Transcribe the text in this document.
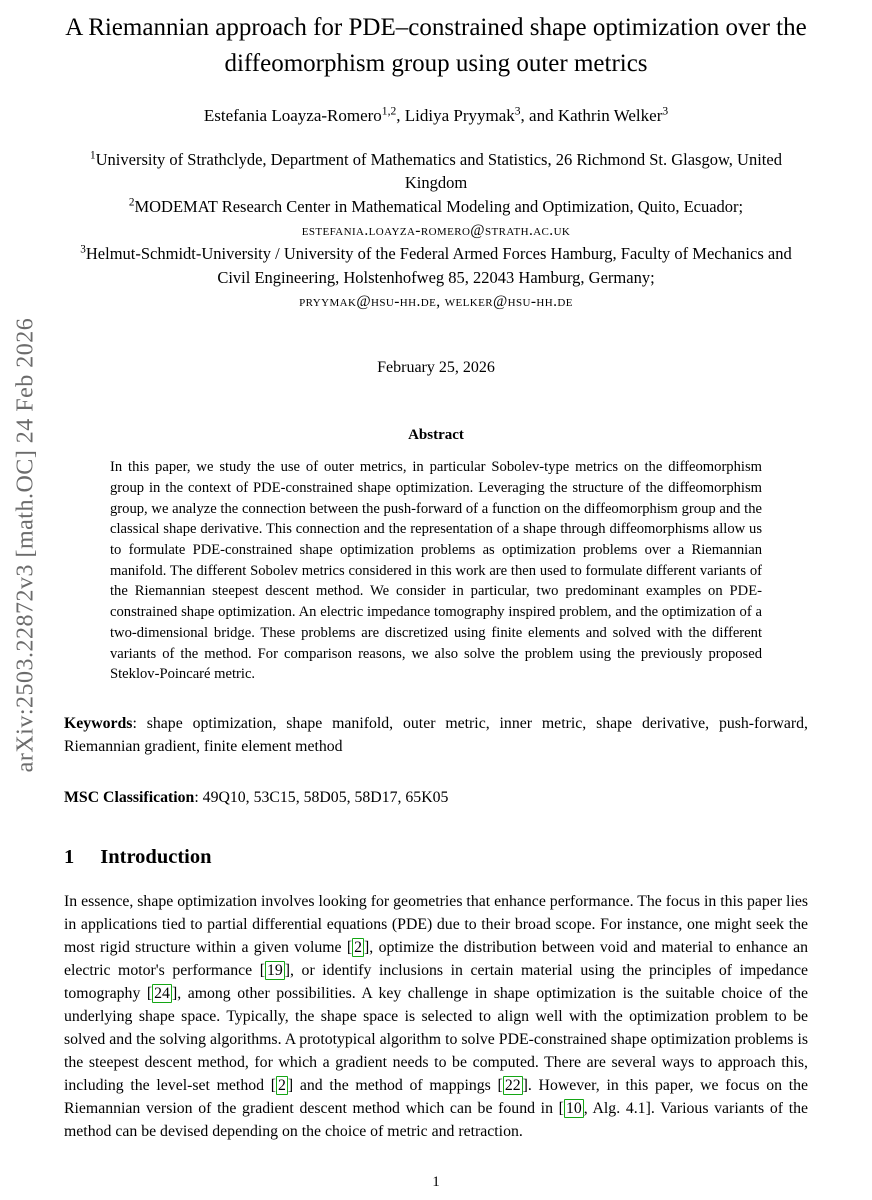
arXiv:2503.22872v3 [math.OC] 24 Feb 2026
A Riemannian approach for PDE–constrained shape optimization over the diffeomorphism group using outer metrics
Estefania Loayza-Romero$^{1,2}$, Lidiya Pryymak$^3$, and Kathrin Welker$^3$
$^1$University of Strathclyde, Department of Mathematics and Statistics, 26 Richmond St. Glasgow, United Kingdom
$^2$MODEMAT Research Center in Mathematical Modeling and Optimization, Quito, Ecuador;
estefania.loayza-romero@strath.ac.uk
$^3$Helmut-Schmidt-University / University of the Federal Armed Forces Hamburg, Faculty of Mechanics and Civil Engineering, Holstenhofweg 85, 22043 Hamburg, Germany;
pryymak@hsu-hh.de, welker@hsu-hh.de
February 25, 2026
Abstract
In this paper, we study the use of outer metrics, in particular Sobolev-type metrics on the diffeomorphism group in the context of PDE-constrained shape optimization. Leveraging the structure of the diffeomorphism group, we analyze the connection between the push-forward of a function on the diffeomorphism group and the classical shape derivative. This connection and the representation of a shape through diffeomorphisms allow us to formulate PDE-constrained shape optimization problems as optimization problems over a Riemannian manifold. The different Sobolev metrics considered in this work are then used to formulate different variants of the Riemannian steepest descent method. We consider in particular, two predominant examples on PDE-constrained shape optimization. An electric impedance tomography inspired problem, and the optimization of a two-dimensional bridge. These problems are discretized using finite elements and solved with the different variants of the method. For comparison reasons, we also solve the problem using the previously proposed Steklov-Poincaré metric.
Keywords: shape optimization, shape manifold, outer metric, inner metric, shape derivative, push-forward, Riemannian gradient, finite element method
MSC Classification: 49Q10, 53C15, 58D05, 58D17, 65K05
1 Introduction
In essence, shape optimization involves looking for geometries that enhance performance. The focus in this paper lies in applications tied to partial differential equations (PDE) due to their broad scope. For instance, one might seek the most rigid structure within a given volume [ 2 ], optimize the distribution between void and material to enhance an electric motor's performance [ 19 ], or identify inclusions in certain material using the principles of impedance tomography [ 24 ], among other possibilities. A key challenge in shape optimization is the suitable choice of the underlying shape space. Typically, the shape space is selected to align well with the optimization problem to be solved and the solving algorithms. A prototypical algorithm to solve PDE-constrained shape optimization problems is the steepest descent method, for which a gradient needs to be computed. There are several ways to approach this, including the level-set method [ 2 ] and the method of mappings [ 22 ]. However, in this paper, we focus on the Riemannian version of the gradient descent method which can be found in [ 10 , Alg. 4.1]. Various variants of the method can be devised depending on the choice of metric and retraction.
1
